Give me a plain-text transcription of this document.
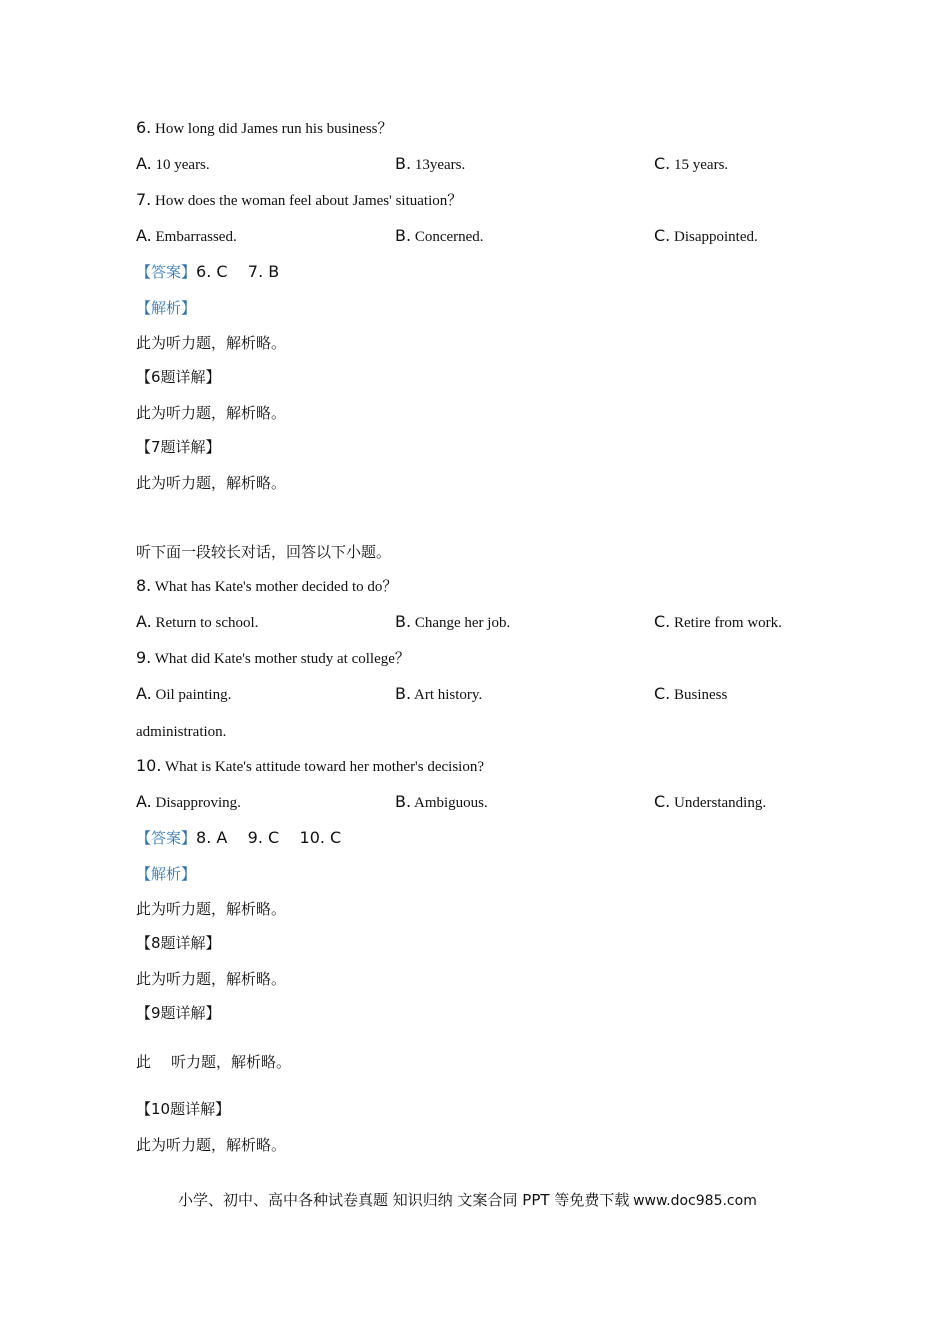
6. How long did James run his business？
A. 10 years.	B. 13years.	C. 15 years.
7. How does the woman feel about James' situation？
A. Embarrassed.	B. Concerned.	C. Disappointed.
【答案】6. C    7. B
【解析】
此为听力题，解析略。
【6题详解】
此为听力题，解析略。
【7题详解】
此为听力题，解析略。
听下面一段较长对话，回答以下小题。
8. What has Kate's mother decided to do？
A. Return to school.	B. Change her job.	C. Retire from work.
9. What did Kate's mother study at college？
A. Oil painting.	B. Art history.	C. Business
administration.
10. What is Kate's attitude toward her mother's decision?
A. Disapproving.	B. Ambiguous.	C. Understanding.
【答案】8. A    9. C    10. C
【解析】
此为听力题，解析略。
【8题详解】
此为听力题，解析略。
【9题详解】
此 听力题，解析略。
【10题详解】
此为听力题，解析略。
小学、初中、高中各种试卷真题 知识归纳 文案合同 PPT 等免费下载 www.doc985.com
